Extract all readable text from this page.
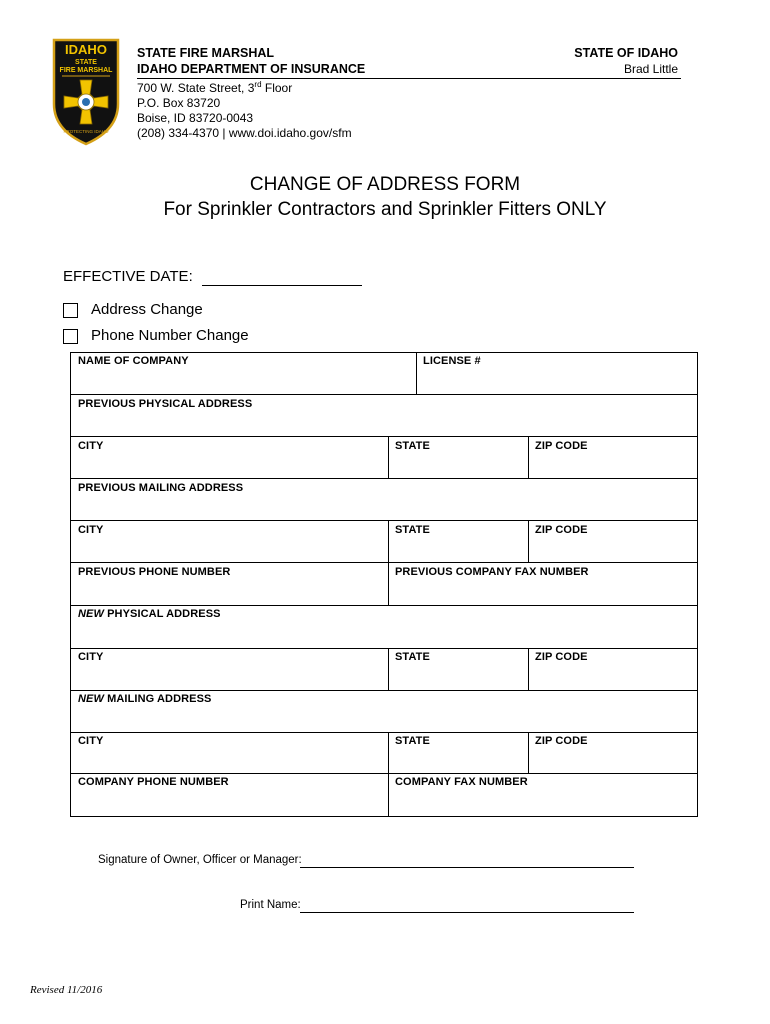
IDAHO
STATE
FIRE MARSHAL
PROTECTING IDAHO
STATE FIRE MARSHAL
IDAHO DEPARTMENT OF INSURANCE
700 W. State Street, 3rd Floor
P.O. Box 83720
Boise, ID 83720-0043
(208) 334-4370 | www.doi.idaho.gov/sfm
STATE OF IDAHO
Brad Little
CHANGE OF ADDRESS FORM
For Sprinkler Contractors and Sprinkler Fitters ONLY
EFFECTIVE DATE:
Address Change
Phone Number Change
NAME OF COMPANY	LICENSE #
PREVIOUS PHYSICAL ADDRESS
CITY	STATE	ZIP CODE
PREVIOUS MAILING ADDRESS
CITY	STATE	ZIP CODE
PREVIOUS PHONE NUMBER	PREVIOUS COMPANY FAX NUMBER
NEW PHYSICAL ADDRESS
CITY	STATE	ZIP CODE
NEW MAILING ADDRESS
CITY	STATE	ZIP CODE
COMPANY PHONE NUMBER	COMPANY FAX NUMBER
Signature of Owner, Officer or Manager:
Print Name:
Revised 11/2016
